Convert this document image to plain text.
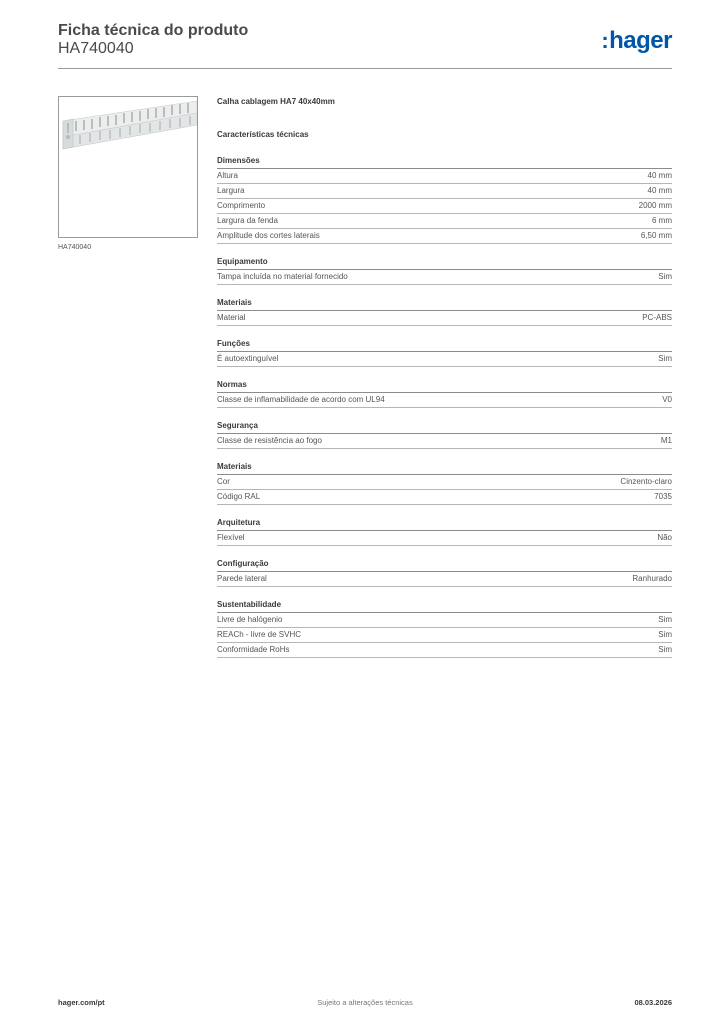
Ficha técnica do produto
HA740040	:hager
HA740040
Calha cablagem HA7 40x40mm
Características técnicas
Dimensões
Altura	40 mm
Largura	40 mm
Comprimento	2000 mm
Largura da fenda	6 mm
Amplitude dos cortes laterais	6,50 mm
Equipamento
Tampa incluída no material fornecido	Sim
Materiais
Material	PC-ABS
Funções
É autoextinguível	Sim
Normas
Classe de inflamabilidade de acordo com UL94	V0
Segurança
Classe de resistência ao fogo	M1
Materiais
Cor	Cinzento-claro
Código RAL	7035
Arquitetura
Flexível	Não
Configuração
Parede lateral	Ranhurado
Sustentabilidade
Livre de halógenio	Sim
REACh - livre de SVHC	Sim
Conformidade RoHs	Sim
hager.com/pt	Sujeito a alterações técnicas	08.03.2026
